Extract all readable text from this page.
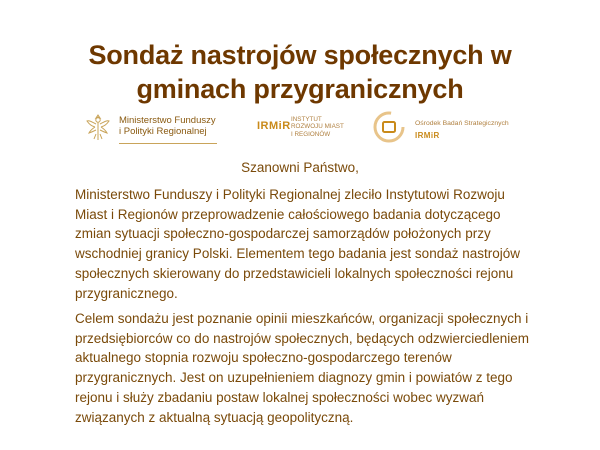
Sondaż nastrojów społecznych w gminach przygranicznych
Ministerstwo Funduszy
i Polityki Regionalnej	IRMiR
INSTYTUT
ROZWOJU MIAST
I REGIONÓW
Ośrodek Badań Strategicznych
IRMiR
Szanowni Państwo,

Ministerstwo Funduszy i Polityki Regionalnej zleciło Instytutowi Rozwoju Miast i Regionów przeprowadzenie całościowego badania dotyczącego zmian sytuacji społeczno-gospodarczej samorządów położonych przy wschodniej granicy Polski. Elementem tego badania jest sondaż nastrojów społecznych skierowany do przedstawicieli lokalnych społeczności rejonu przygranicznego.

Celem sondażu jest poznanie opinii mieszkańców, organizacji społecznych i przedsiębiorców co do nastrojów społecznych, będących odzwierciedleniem aktualnego stopnia rozwoju społeczno-gospodarczego terenów przygranicznych. Jest on uzupełnieniem diagnozy gmin i powiatów z tego rejonu i służy zbadaniu postaw lokalnej społeczności wobec wyzwań związanych z aktualną sytuacją geopolityczną.
